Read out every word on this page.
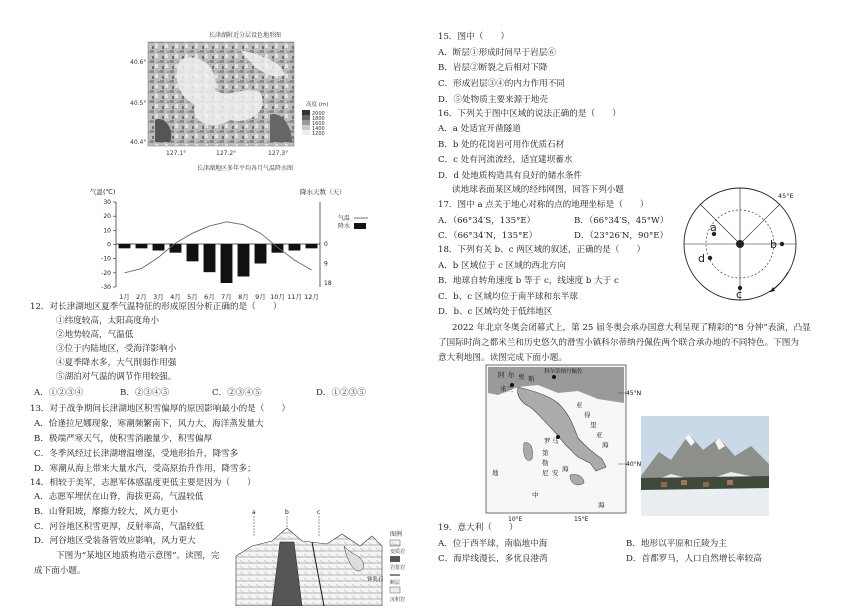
长津湖附近分层设色地形图
40.6°
40.5°
40.4°
127.1°	127.2°	127.3°
高度 (m)
2000
1800
1600
1400
1200
长津湖地区多年平均各月气温降水图
气温(℃)	降水天数（天）
30
20
10
0
-10
-20
-30
0
9
18
1月 2月 3月 4月 5月 6月 7月 8月 9月 10月 11月 12月
气温
降水
12．对长津湖地区夏季气温特征的形成原因分析正确的是（　　）
①纬度较高，太阳高度角小
②地势较高，气温低
③位于内陆地区，受海洋影响小
④夏季降水多，大气削弱作用强
⑤湖泊对气温的调节作用较强。
A．①②③④	B．②③④⑤	C．②③④⑤	D．①②③⑤
13．对于战争期间长津湖地区积雪偏厚的原因影响最小的是（　　）
A．恰逢拉尼娜现象，寒潮频繁南下，风力大，海洋蒸发量大
B．极端严寒天气，使积雪消融量少，积雪偏厚
C．冬季风经过长津湖增温增湿，受地形抬升，降雪多
D．寒潮从海上带来大量水汽，受高原抬升作用，降雪多；
14．相较于美军，志愿军体感温度更低主要是因为（　　）
A．志愿军埋伏在山脊，海拔更高，气温较低
B．山脊阳坡，摩擦力较大，风力更小
C．河谷地区积雪更厚，反射率高，气温较低
D．河谷地区受装备管效应影响，风力更大
下图为“某地区地质构造示意图”。读图，完
成下面小题。
a	b	c
钟乳石
图例
变质岩
岩浆岩
断层
沉积岩
15．图中（　　）
A．断层①形成时间早于岩层⑥
B．岩层②断裂之后相对下降
C．形成岩层③④的内力作用不同
D．⑤处物质主要来源于地壳
16．下列关于图中区域的说法正确的是（　　）
A．a 处适宜开凿隧道
B．b 处的花岗岩可用作优质石材
C．c 处有河流流经，适宜建坝蓄水
D．d 处地质构造具有良好的储水条件
读地球表面某区域的经纬网图，回答下列小题
17．图中 a 点关于地心对称的点的地理坐标是（　　）
A．（66°34′S，135°E）	B．（66°34′S，45°W）
C．（66°34′N，135°E）	D．（23°26′N，90°E）
18．下列有关 b、c 两区域的叙述，正确的是（　　）
A．b 区域位于 c 区域的西北方向
B．地球自转角速度 b 等于 c，线速度 b 大于 c
C．b、c 区域均位于南半球和东半球
D．b、c 区域均处于低纬地区
45°E
a
b
c
d
2022 年北京冬奥会闭幕式上，第 25 届冬奥会承办国意大利呈现了精彩的“8 分钟”表演，凸显
了国际时尚之都米兰和历史悠久的滑雪小镇科尔蒂纳丹佩佐两个联合承办地的不同特色。下图为
意大利地图。读图完成下面小题。
米兰
科尔蒂纳丹佩佐
阿 尔 卑 斯
亚
得
里
亚
海
罗 马
第
勒
尼 安 海
地
中
海
45°N
40°N
10°E	15°E
19．意大利（　　）
A．位于西半球，南临地中海	B．地形以平原和丘陵为主
C．海岸线漫长，多优良港湾	D．首都罗马，人口自然增长率较高
